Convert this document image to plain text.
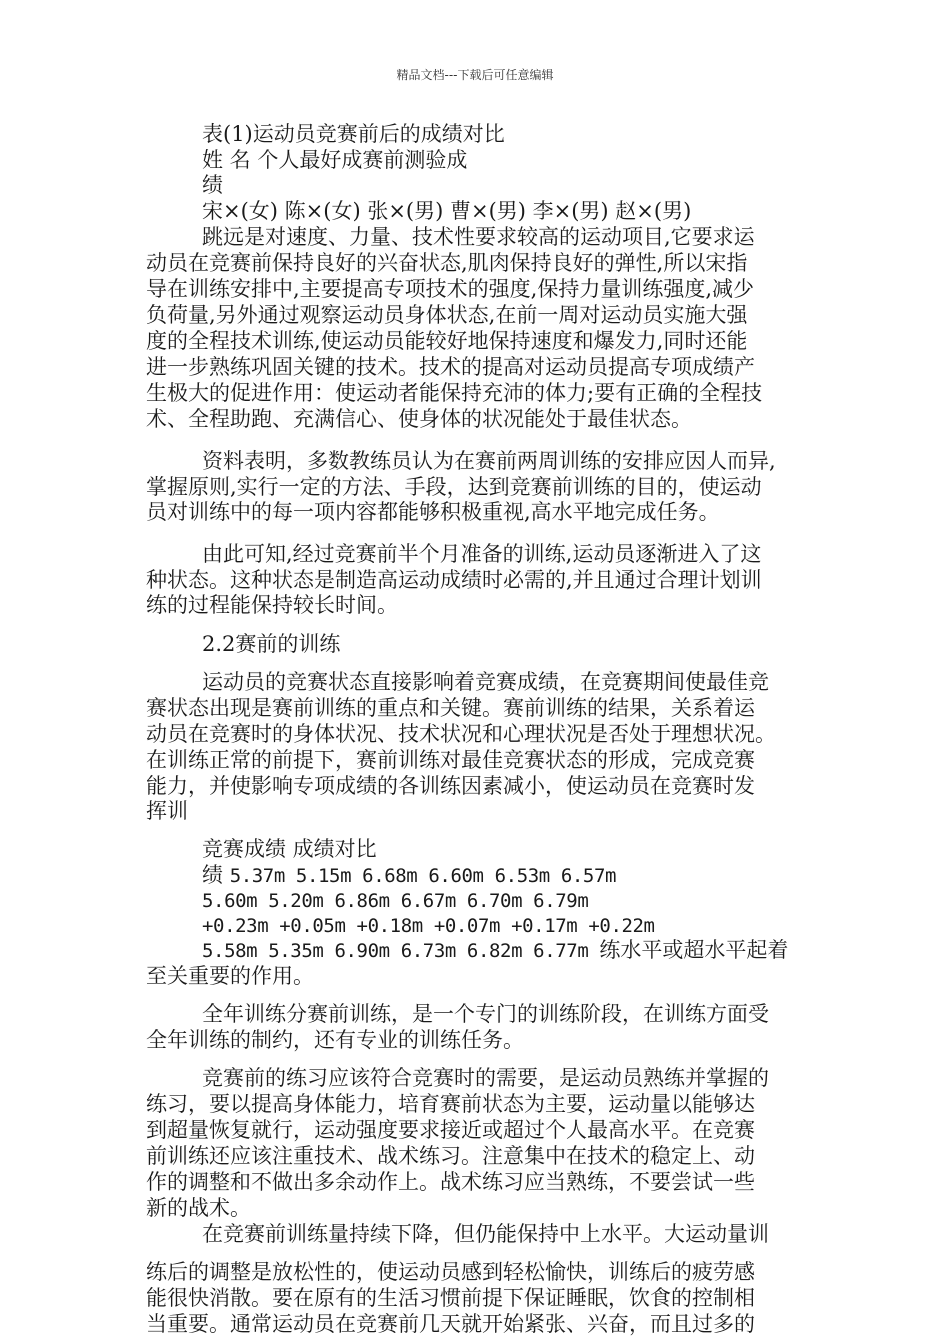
精品文档---下载后可任意编辑
表(1)运动员竞赛前后的成绩对比
姓 名 个人最好成赛前测验成
绩
宋×(女) 陈×(女) 张×(男) 曹×(男) 李×(男) 赵×(男)
跳远是对速度、力量、技术性要求较高的运动项目,它要求运
动员在竞赛前保持良好的兴奋状态,肌肉保持良好的弹性,所以宋指
导在训练安排中,主要提高专项技术的强度,保持力量训练强度,减少
负荷量,另外通过观察运动员身体状态,在前一周对运动员实施大强
度的全程技术训练,使运动员能较好地保持速度和爆发力,同时还能
进一步熟练巩固关键的技术。技术的提高对运动员提高专项成绩产
生极大的促进作用：使运动者能保持充沛的体力;要有正确的全程技
术、全程助跑、充满信心、使身体的状况能处于最佳状态。
资料表明，多数教练员认为在赛前两周训练的安排应因人而异,
掌握原则,实行一定的方法、手段，达到竞赛前训练的目的，使运动
员对训练中的每一项内容都能够积极重视,高水平地完成任务。
由此可知,经过竞赛前半个月准备的训练,运动员逐渐进入了这
种状态。这种状态是制造高运动成绩时必需的,并且通过合理计划训
练的过程能保持较长时间。
2.2赛前的训练
运动员的竞赛状态直接影响着竞赛成绩，在竞赛期间使最佳竞
赛状态出现是赛前训练的重点和关键。赛前训练的结果，关系着运
动员在竞赛时的身体状况、技术状况和心理状况是否处于理想状况。
在训练正常的前提下，赛前训练对最佳竞赛状态的形成，完成竞赛
能力，并使影响专项成绩的各训练因素减小，使运动员在竞赛时发
挥训
竞赛成绩 成绩对比
绩 5.37m 5.15m 6.68m 6.60m 6.53m 6.57m
5.60m 5.20m 6.86m 6.67m 6.70m 6.79m
+0.23m +0.05m +0.18m +0.07m +0.17m +0.22m
5.58m 5.35m 6.90m 6.73m 6.82m 6.77m 练水平或超水平起着
至关重要的作用。
全年训练分赛前训练，是一个专门的训练阶段，在训练方面受
全年训练的制约，还有专业的训练任务。
竞赛前的练习应该符合竞赛时的需要，是运动员熟练并掌握的
练习，要以提高身体能力，培育赛前状态为主要，运动量以能够达
到超量恢复就行，运动强度要求接近或超过个人最高水平。在竞赛
前训练还应该注重技术、战术练习。注意集中在技术的稳定上、动
作的调整和不做出多余动作上。战术练习应当熟练，不要尝试一些
新的战术。
在竞赛前训练量持续下降，但仍能保持中上水平。大运动量训
练后的调整是放松性的，使运动员感到轻松愉快，训练后的疲劳感
能很快消散。要在原有的生活习惯前提下保证睡眠，饮食的控制相
当重要。通常运动员在竞赛前几天就开始紧张、兴奋，而且过多的
